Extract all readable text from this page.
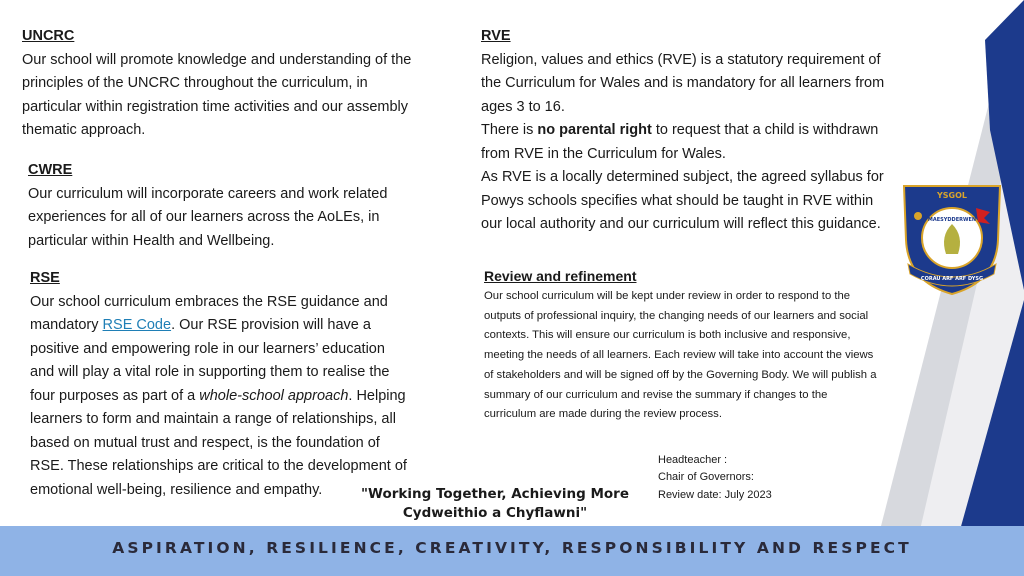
UNCRC
Our school will promote knowledge and understanding of the principles of the UNCRC throughout the curriculum, in particular within registration time activities and our assembly thematic approach.
CWRE
Our curriculum will incorporate careers and work related experiences for all of our learners across the AoLEs, in particular within Health and Wellbeing.
RSE
Our school curriculum embraces the RSE guidance and mandatory RSE Code. Our RSE provision will have a positive and empowering role in our learners’ education and will play a vital role in supporting them to realise the four purposes as part of a whole-school approach. Helping learners to form and maintain a range of relationships, all based on mutual trust and respect, is the foundation of RSE. These relationships are critical to the development of emotional well-being, resilience and empathy.
RVE
Religion, values and ethics (RVE) is a statutory requirement of the Curriculum for Wales and is mandatory for all learners from ages 3 to 16.
There is no parental right to request that a child is withdrawn from RVE in the Curriculum for Wales.
As RVE is a locally determined subject, the agreed syllabus for Powys schools specifies what should be taught in RVE within our local authority and our curriculum will reflect this guidance.
Review and refinement
Our school curriculum will be kept under review in order to respond to the outputs of professional inquiry, the changing needs of our learners and social contexts. This will ensure our curriculum is both inclusive and responsive, meeting the needs of all learners. Each review will take into account the views of stakeholders and will be signed off by the Governing Body. We will publish a summary of our curriculum and revise the summary if changes to the curriculum are made during the review process.
Headteacher :
Chair of Governors:
Review date: July 2023
YSGOL
MAESYDDERWEN
CORAU ARF ARF DYSG
"Working Together, Achieving More
Cydweithio a Chyflawni"
ASPIRATION, RESILIENCE, CREATIVITY, RESPONSIBILITY AND RESPECT
